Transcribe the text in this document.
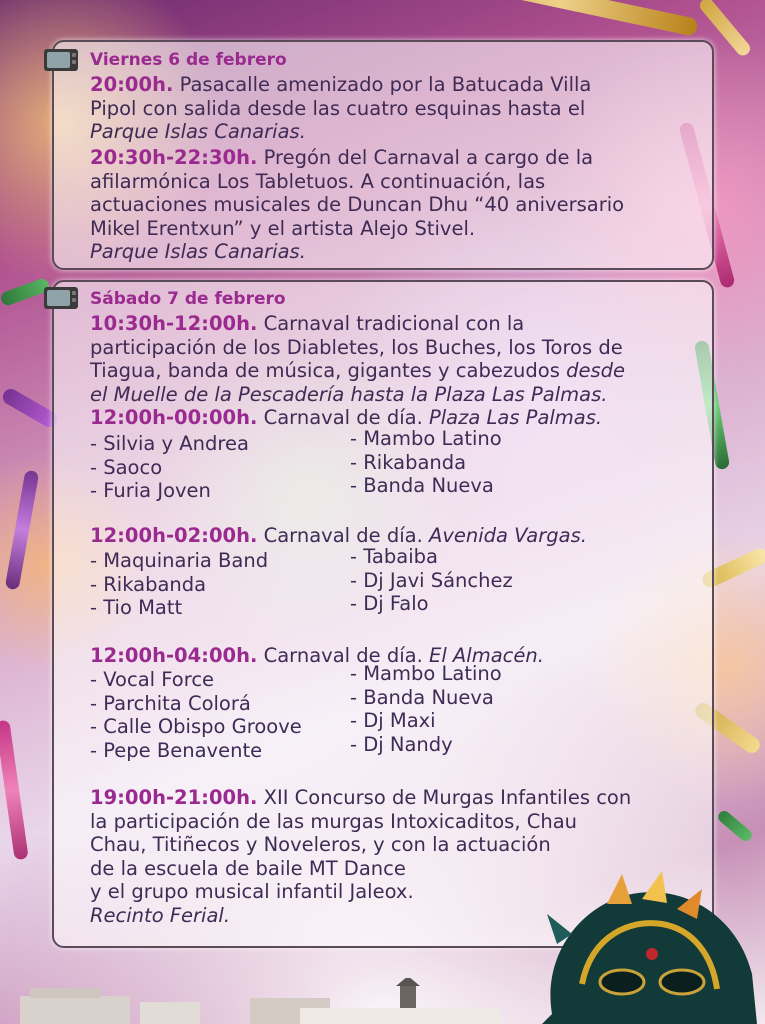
Viernes 6 de febrero
20:00h. Pasacalle amenizado por la Batucada Villa
Pipol con salida desde las cuatro esquinas hasta el
Parque Islas Canarias.
20:30h-22:30h. Pregón del Carnaval a cargo de la
afilarmónica Los Tabletuos. A continuación, las
actuaciones musicales de Duncan Dhu “40 aniversario
Mikel Erentxun” y el artista Alejo Stivel.
Parque Islas Canarias.
Sábado 7 de febrero
10:30h-12:00h. Carnaval tradicional con la
participación de los Diabletes, los Buches, los Toros de
Tiagua, banda de música, gigantes y cabezudos desde
el Muelle de la Pescadería hasta la Plaza Las Palmas.
12:00h-00:00h. Carnaval de día. Plaza Las Palmas.
- Silvia y Andrea
- Saoco
- Furia Joven
- Mambo Latino
- Rikabanda
- Banda Nueva
12:00h-02:00h. Carnaval de día. Avenida Vargas.
- Maquinaria Band
- Rikabanda
- Tio Matt
- Tabaiba
- Dj Javi Sánchez
- Dj Falo
12:00h-04:00h. Carnaval de día. El Almacén.
- Vocal Force
- Parchita Colorá
- Calle Obispo Groove
- Pepe Benavente
- Mambo Latino
- Banda Nueva
- Dj Maxi
- Dj Nandy
19:00h-21:00h. XII Concurso de Murgas Infantiles con
la participación de las murgas Intoxicaditos, Chau
Chau, Titiñecos y Noveleros, y con la actuación
de la escuela de baile MT Dance
y el grupo musical infantil Jaleox.
Recinto Ferial.
